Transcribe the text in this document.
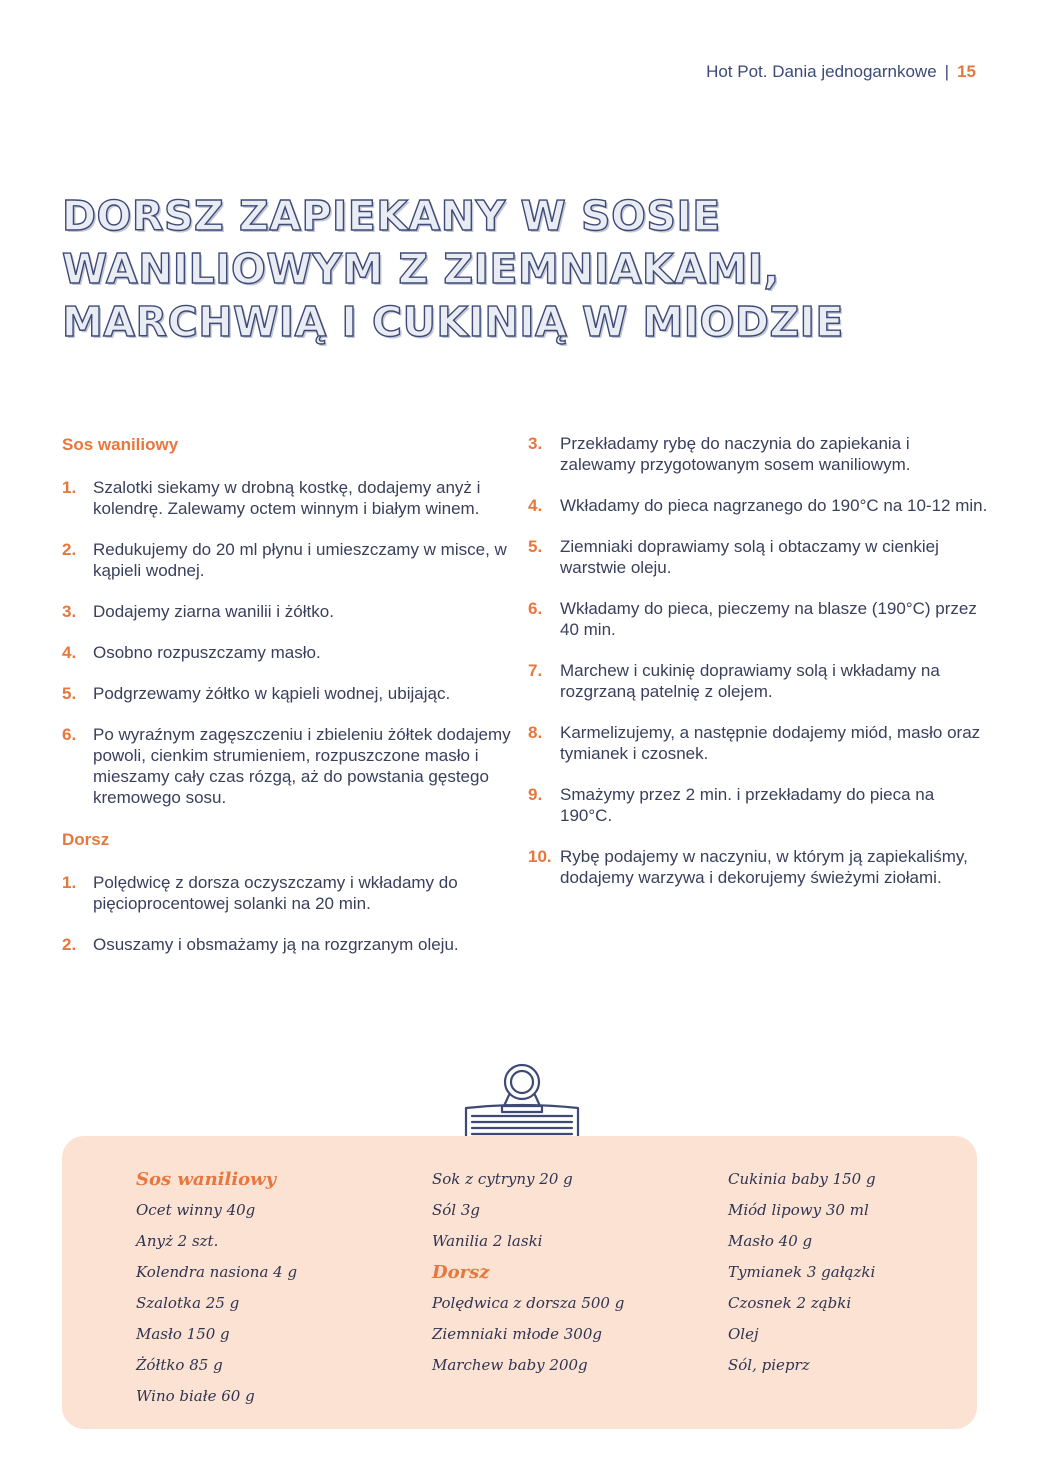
Hot Pot. Dania jednogarnkowe | 15
DORSZ ZAPIEKANY W SOSIE
WANILIOWYM Z ZIEMNIAKAMI,
MARCHWIĄ I CUKINIĄ W MIODZIE
Sos waniliowy
1. Szalotki siekamy w drobną kostkę, dodajemy anyż i kolendrę. Zalewamy octem winnym i białym winem.
2. Redukujemy do 20 ml płynu i umieszczamy w misce, w kąpieli wodnej.
3. Dodajemy ziarna wanilii i żółtko.
4. Osobno rozpuszczamy masło.
5. Podgrzewamy żółtko w kąpieli wodnej, ubijając.
6. Po wyraźnym zagęszczeniu i zbieleniu żółtek dodajemy powoli, cienkim strumieniem, rozpuszczone masło i mieszamy cały czas rózgą, aż do powstania gęstego kremowego sosu.
Dorsz
1. Polędwicę z dorsza oczyszczamy i wkładamy do pięcioprocentowej solanki na 20 min.
2. Osuszamy i obsmażamy ją na rozgrzanym oleju.
3. Przekładamy rybę do naczynia do zapiekania i zalewamy przygotowanym sosem waniliowym.
4. Wkładamy do pieca nagrzanego do 190°C na 10-12 min.
5. Ziemniaki doprawiamy solą i obtaczamy w cienkiej warstwie oleju.
6. Wkładamy do pieca, pieczemy na blasze (190°C) przez 40 min.
7. Marchew i cukinię doprawiamy solą i wkładamy na rozgrzaną patelnię z olejem.
8. Karmelizujemy, a następnie dodajemy miód, masło oraz tymianek i czosnek.
9. Smażymy przez 2 min. i przekładamy do pieca na 190°C.
10. Rybę podajemy w naczyniu, w którym ją zapiekaliśmy, dodajemy warzywa i dekorujemy świeżymi ziołami.
Sos waniliowy
Ocet winny 40g
Anyż 2 szt.
Kolendra nasiona 4 g
Szalotka 25 g
Masło 150 g
Żółtko 85 g
Wino białe 60 g
Sok z cytryny 20 g
Sól 3g
Wanilia 2 laski
Dorsz
Polędwica z dorsza 500 g
Ziemniaki młode 300g
Marchew baby 200g
Cukinia baby 150 g
Miód lipowy 30 ml
Masło 40 g
Tymianek 3 gałązki
Czosnek 2 ząbki
Olej
Sól, pieprz
